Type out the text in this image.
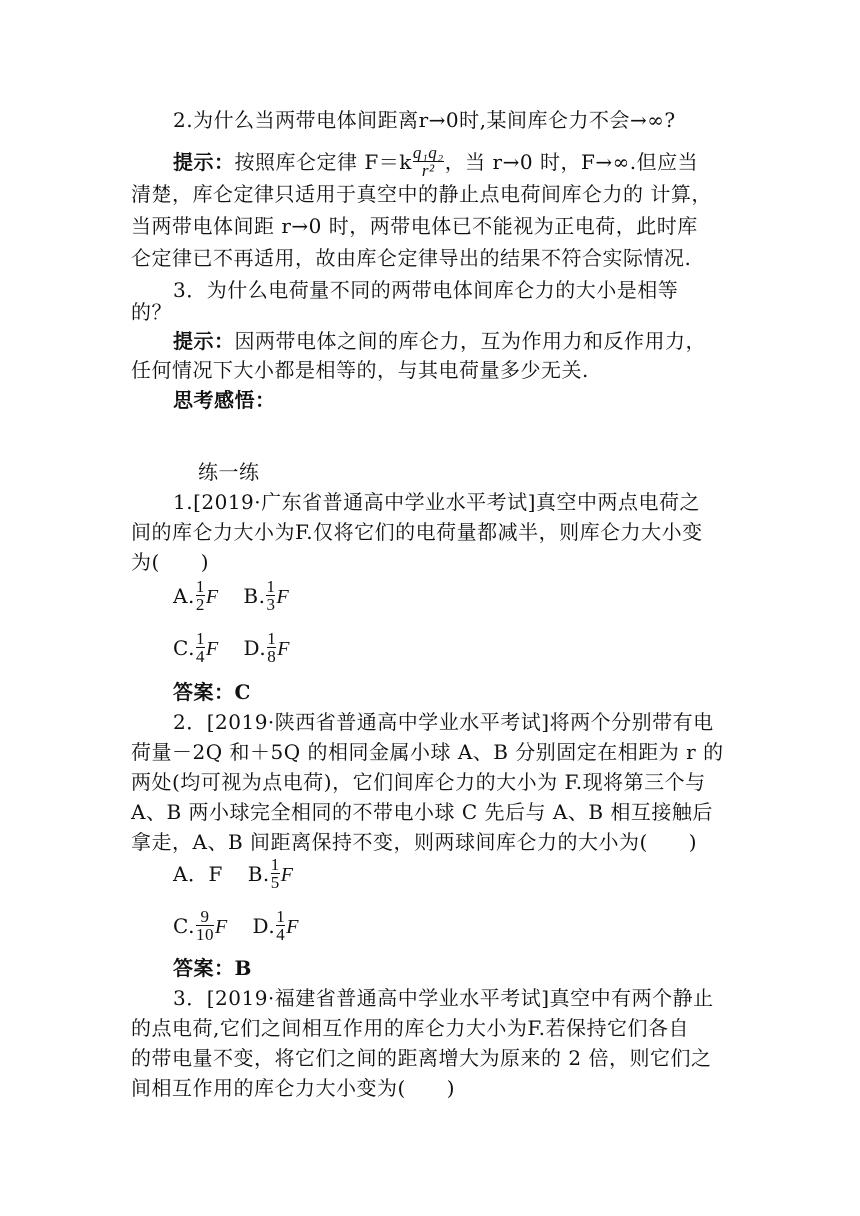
2.为什么当两带电体间距离r→0时,某间库仑力不会→∞?
提示：按照库仑定律 $F=k \frac{\text{q₁q₂}}{\text{r²}}$ ，当 r→0 时，F→∞.但应当
清楚，库仑定律只适用于真空中的静止点电荷间库仑力的 计算，
当两带电体间距 r→0 时，两带电体已不能视为正电荷，此时库
仑定律已不再适用，故由库仑定律导出的结果不符合实际情况.
3．为什么电荷量不同的两带电体间库仑力的大小是相等
的？
提示：因两带电体之间的库仑力，互为作用力和反作用力，
任何情况下大小都是相等的，与其电荷量多少无关.
思考感悟：
练一练
1.[2019·广东省普通高中学业水平考试]真空中两点电荷之
间的库仑力大小为F.仅将它们的电荷量都减半，则库仑力大小变
为(　　)
A. $\frac{1}{2}$ F B. $\frac{1}{3}$ F
C. $\frac{1}{4}$ F D. $\frac{1}{8}$ F
答案：C
2．[2019·陕西省普通高中学业水平考试]将两个分别带有电
荷量－2Q 和＋5Q 的相同金属小球 A、B 分别固定在相距为 r 的
两处(均可视为点电荷)，它们间库仑力的大小为 F.现将第三个与
A、B 两小球完全相同的不带电小球 C 先后与 A、B 相互接触后
拿走，A、B 间距离保持不变，则两球间库仑力的大小为(　　)
A．F B. $\frac{1}{5}$ F
C. $\frac{9}{10}$ F D. $\frac{1}{4}$ F
答案：B
3．[2019·福建省普通高中学业水平考试]真空中有两个静止
的点电荷,它们之间相互作用的库仑力大小为F.若保持它们各自
的带电量不变，将它们之间的距离增大为原来的 2 倍，则它们之
间相互作用的库仑力大小变为(　　)
